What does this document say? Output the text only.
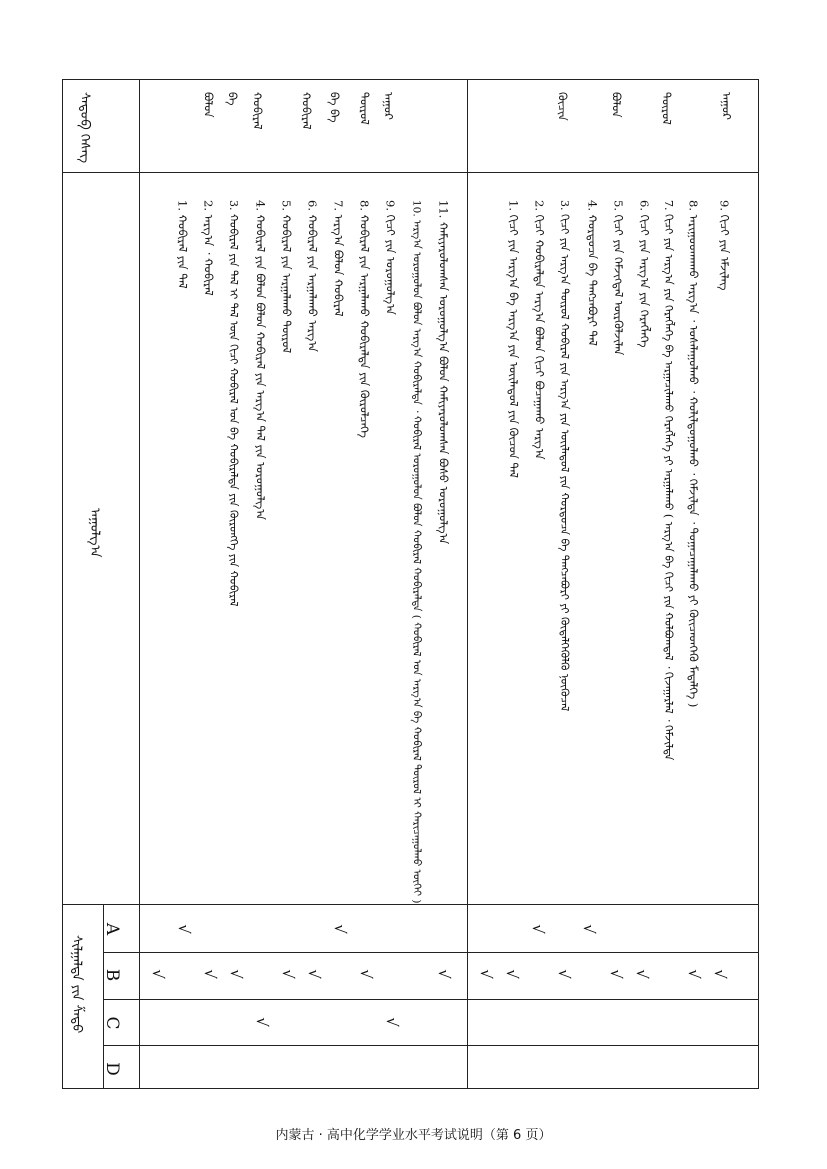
ᠰᠡᠳᠦᠪ ᠬᠡᠰᠡᠭ
ᠠᠭᠤᠯᠭ᠎ᠠ
ᠰᠢᠯᠭᠠᠯᠲᠠ ᠶᠢᠨ ᠱᠠᠲᠤ
A
B
C
D
ᠠᠭᠤᠷ
ᠲᠥᠷᠥᠯ
ᠪᠤᠯᠤᠨ
ᠬᠦᠴᠢᠨ
9. ᠬᠢᠴᠢ ᠶᠢᠨ ᠡᠮᠵᠢᠯᠡᠭ
8. ᠠᠷᠢᠭᠤᠳᠬᠠᠬᠤ ᠠᠷᠭ᠎ᠠ ᠂ ᠤᠰᠠᠯᠠᠭᠤᠯᠬᠤ ᠂ ᠬᠤᠯᠢᠯᠳᠤᠭᠤᠯᠬᠤ ᠂ ᠬᠡᠮᠵᠢᠯᠳᠡ ᠂ ᠲᠣᠭᠠᠴᠠᠭᠠᠯᠠᠬᠤ ᠶᠢ ᠭᠦᠢᠴᠡᠳᠬᠡᠬᠦ ᠮᠡᠳᠡᠯᠭᠡ )
7. ᠬᠢᠴᠢ ᠶᠢᠨ ᠠᠷᠭ᠎ᠠ ᠶᠢᠨ ᠬᠡᠷᠡᠭᠯᠡᠭᠡ ᠪᠠ ᠠᠷᠭᠠᠴᠢᠯᠠᠬᠤ ᠬᠡᠷᠡᠭᠯᠡᠭᠡ ᠶᠢ ᠠᠷᠭᠠᠯᠠᠬᠤ ( ᠠᠷᠭ᠎ᠠ ᠪᠠ ᠬᠢᠴᠢ ᠶᠢᠨ ᠬᠤᠯᠪᠤᠭᠳᠠᠯ ᠂ ᠬᠢᠵᠠᠭᠠᠷᠯᠠᠯ ᠂ ᠬᠡᠮᠵᠢᠯᠳᠡ
6. ᠬᠢᠴᠢ ᠶᠢᠨ ᠠᠷᠭ᠎ᠠ ᠶᠢᠨ ᠬᠡᠷᠡᠭᠯᠡᠭᠡ
5. ᠬᠢᠴᠢ ᠶᠢᠨ ᠬᠡᠮᠵᠢᠭᠳᠡᠯ ᠦᠷᠭᠦᠯᠵᠢᠯᠡᠨ
4. ᠬᠤᠷᠳᠤᠴᠠ ᠪᠠ ᠲᠡᠩᠴᠡᠪᠦᠷᠢ ᠲᠠᠯ
3. ᠬᠢᠴᠢ ᠶᠢᠨ ᠠᠷᠭ᠎ᠠ ᠲᠥᠷᠥᠯ ᠬᠤᠪᠢᠷᠠᠯ ᠶᠢᠨ ᠠᠷᠭ᠎ᠠ ᠶᠢᠨ ᠦᠢᠯᠡᠳᠦᠯ ᠶᠢᠨ ᠬᠤᠷᠳᠤᠴᠠ ᠪᠠ ᠲᠡᠩᠴᠡᠪᠦᠷᠢ ᠶᠢ ᠬᠥᠳᠡᠯᠭᠡᠭᠦᠯᠬᠦ ᠨᠥᠬᠦᠴᠡᠯ
2. ᠬᠢᠴᠢ ᠬᠤᠪᠢᠷᠠᠯᠲᠠ ᠠᠷᠭ᠎ᠠ ᠪᠤᠯᠤᠨ ᠬᠢᠴᠢ ᠪᠤᠴᠠᠭᠠᠬᠤ ᠠᠷᠭ᠎ᠠ
1. ᠬᠢᠴᠢ ᠶᠢᠨ ᠠᠷᠭ᠎ᠠ ᠪᠠ ᠠᠷᠭ᠎ᠠ ᠶᠢᠨ ᠦᠢᠯᠡᠳᠦᠯ ᠶᠢᠨ ᠬᠦᠴᠦᠨ ᠲᠠᠯ
ᠠᠭᠤᠷ
ᠲᠥᠷᠥᠯ
ᠪᠠ ᠪᠠ
ᠬᠤᠪᠢᠷᠠᠯ
ᠬᠤᠪᠢᠷᠠᠯ
ᠪᠠ
ᠪᠤᠯᠤᠨ
11. ᠬᠠᠮᠢᠶᠠᠷᠤᠯᠤᠭᠰᠠᠨ ᠤᠷᠤᠭᠤᠯᠭ᠎ᠠ ᠪᠤᠯᠤᠨ ᠬᠠᠮᠢᠶᠠᠷᠤᠯᠤᠭᠰᠠᠨ ᠪᠤᠰᠤ ᠤᠷᠤᠭᠤᠯᠭ᠎ᠠ
10. ᠠᠷᠭ᠎ᠠ ᠤᠷᠤᠭᠤᠯᠤᠨ ᠪᠤᠯᠤᠨ ᠠᠷᠭ᠎ᠠ ᠬᠤᠪᠢᠷᠠᠯᠲᠠ ᠂ ᠬᠤᠪᠢᠷᠠᠯ ᠤᠷᠤᠭᠤᠯᠤᠨ ᠪᠤᠯᠤᠨ ᠬᠤᠪᠢᠷᠠᠯ ᠬᠤᠪᠢᠷᠠᠯᠲᠠ ( ᠬᠤᠪᠢᠷᠠᠯ ᠤᠨ ᠠᠷᠭ᠎ᠠ ᠪᠠ ᠬᠤᠪᠢᠷᠠᠯ ᠲᠥᠷᠥᠯ ᠢ ᠬᠠᠷᠢᠴᠠᠭᠤᠯᠬᠤ ᠦᠭᠡᠢ )
9. ᠬᠢᠴᠢ ᠶᠢᠨ ᠤᠷᠤᠭᠤᠯᠭ᠎ᠠ
8. ᠬᠤᠪᠢᠷᠠᠯ ᠶᠢᠨ ᠠᠷᠭᠠᠯᠠᠬᠤ ᠬᠤᠪᠢᠷᠠᠯᠲᠠ ᠶᠢᠨ ᠬᠦᠷᠦᠯᠴᠡᠭᠡ
7. ᠠᠷᠭ᠎ᠠ ᠪᠤᠯᠤᠨ ᠬᠤᠪᠢᠷᠠᠯ
6. ᠬᠤᠪᠢᠷᠠᠯ ᠶᠢᠨ ᠠᠷᠭᠠᠯᠠᠬᠤ ᠠᠷᠭ᠎ᠠ
5. ᠬᠤᠪᠢᠷᠠᠯ ᠶᠢᠨ ᠠᠷᠭᠠᠯᠠᠬᠤ ᠲᠥᠷᠥᠯ
4. ᠬᠤᠪᠢᠷᠠᠯ ᠶᠢᠨ ᠪᠤᠯᠤᠨ ᠪᠤᠯᠤᠨ ᠬᠤᠪᠢᠷᠠᠯ ᠶᠢᠨ ᠠᠷᠭ᠎ᠠ ᠲᠠᠯ ᠶᠢᠨ ᠤᠷᠤᠭᠤᠯᠭ᠎ᠠ
3. ᠬᠤᠪᠢᠷᠠᠯ ᠶᠢᠨ ᠲᠠᠯ ᠢ ᠲᠠᠯ ᠦᠨ ᠬᠢᠴᠢ ᠬᠤᠪᠢᠷᠠᠯ ᠤᠨ ᠪᠠ ᠬᠤᠪᠢᠷᠠᠯᠲᠠ ᠶᠢᠨ ᠬᠥᠷᠥᠩᠭᠡ ᠶᠢᠨ ᠬᠤᠪᠢᠷᠠᠯ
2. ᠠᠷᠭ᠎ᠠ ᠂ ᠬᠤᠪᠢᠷᠠᠯ
1. ᠬᠤᠪᠢᠷᠠᠯ ᠶᠢᠨ ᠲᠠᠯ
√
√
√
√
√
√
√
√
√
√
√
√
√
√
√
√
√
√
√
√
内蒙古 · 高中化学学业水平考试说明（第 6 页）
